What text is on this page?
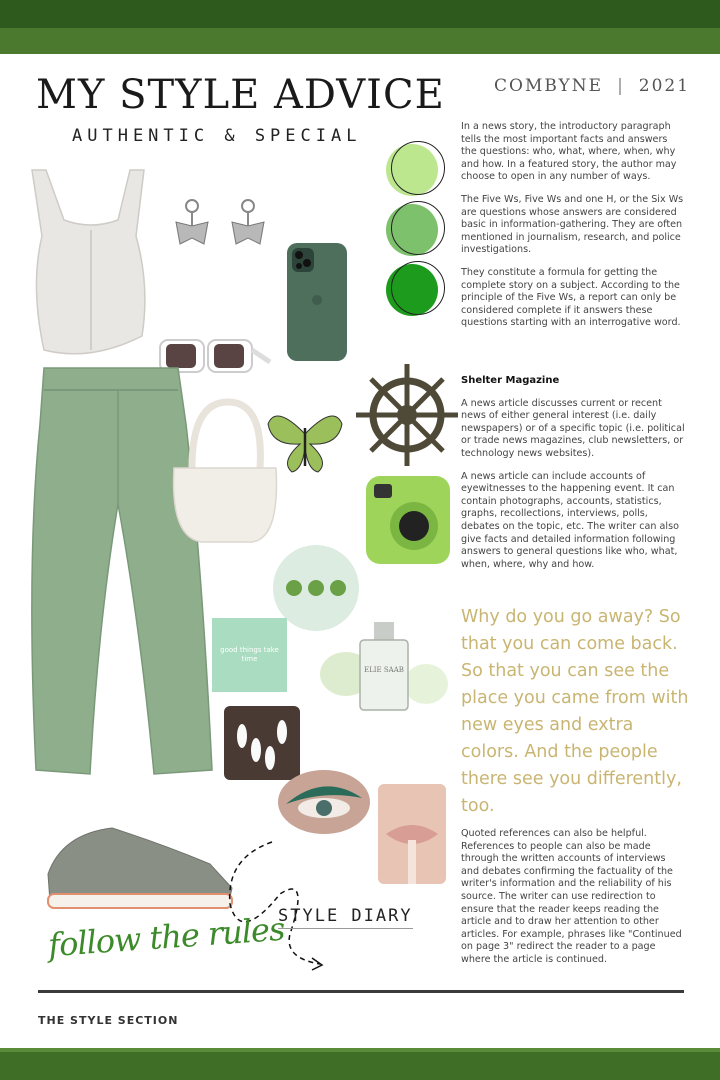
MY STYLE ADVICE
AUTHENTIC & SPECIAL
COMBYNE | 2021
good things take time
ELIE SAAB
STYLE DIARY
follow the rules

In a news story, the introductory paragraph tells the most important facts and answers the questions: who, what, where, when, why and how. In a featured story, the author may choose to open in any number of ways.

The Five Ws, Five Ws and one H, or the Six Ws are questions whose answers are considered basic in information-gathering. They are often mentioned in journalism, research, and police investigations.

They constitute a formula for getting the complete story on a subject. According to the principle of the Five Ws, a report can only be considered complete if it answers these questions starting with an interrogative word.

Shelter Magazine

A news article discusses current or recent news of either general interest (i.e. daily newspapers) or of a specific topic (i.e. political or trade news magazines, club newsletters, or technology news websites).

A news article can include accounts of eyewitnesses to the happening event. It can contain photographs, accounts, statistics, graphs, recollections, interviews, polls, debates on the topic, etc. The writer can also give facts and detailed information following answers to general questions like who, what, when, where, why and how.

Why do you go away? So that you can come back. So that you can see the place you came from with new eyes and extra colors. And the people there see you differently, too.

Quoted references can also be helpful. References to people can also be made through the written accounts of interviews and debates confirming the factuality of the writer's information and the reliability of his source. The writer can use redirection to ensure that the reader keeps reading the article and to draw her attention to other articles. For example, phrases like "Continued on page 3" redirect the reader to a page where the article is continued.

THE STYLE SECTION
